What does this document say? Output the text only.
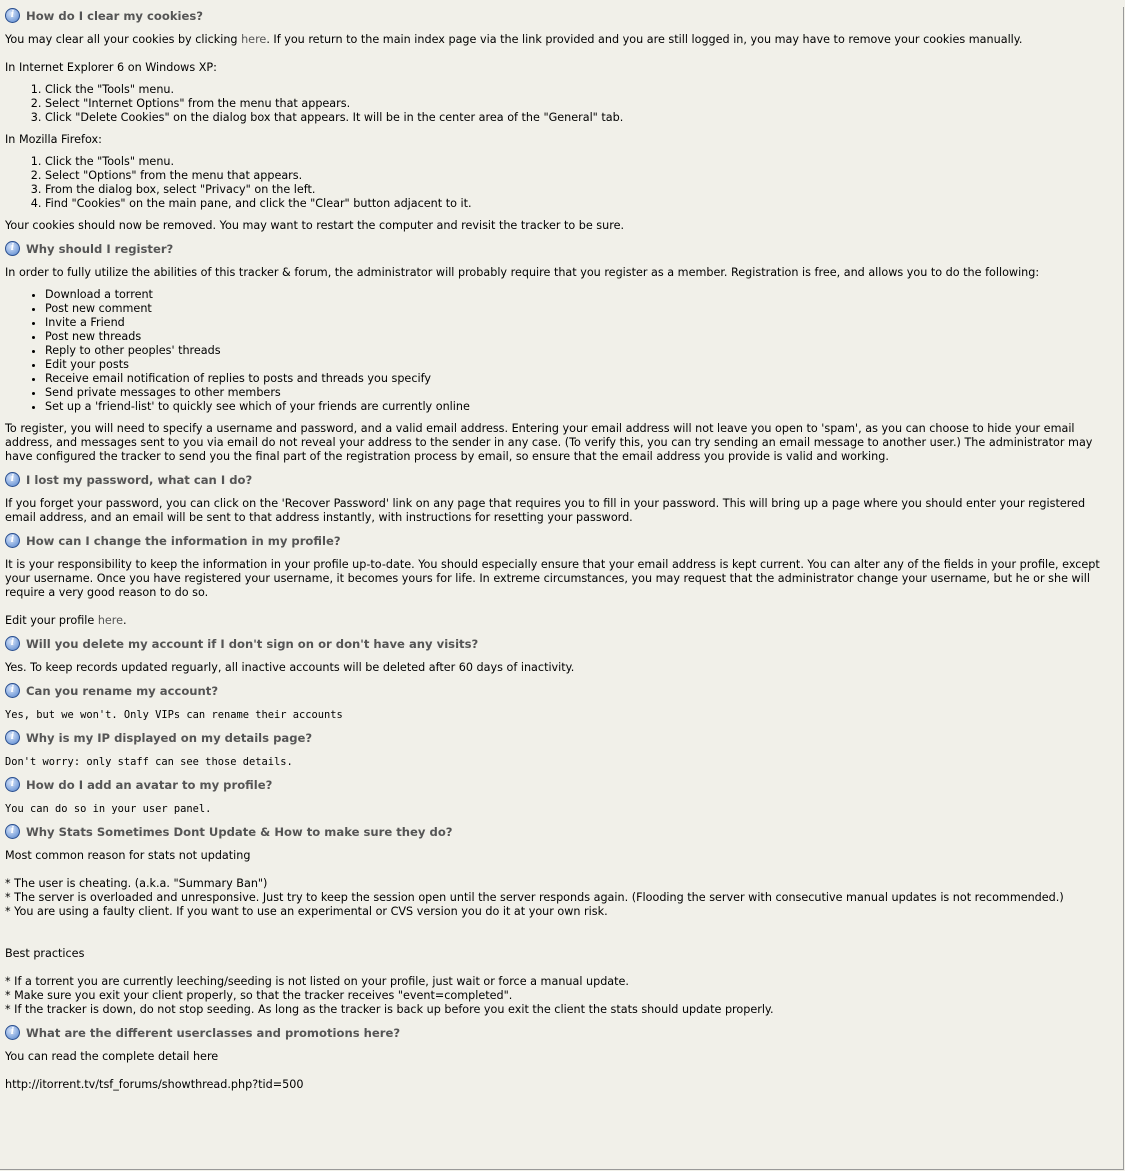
i	How do I clear my cookies?

You may clear all your cookies by clicking here. If you return to the main index page via the link provided and you are still logged in, you may have to remove your cookies manually.

In Internet Explorer 6 on Windows XP:

1. Click the "Tools" menu.
2. Select "Internet Options" from the menu that appears.
3. Click "Delete Cookies" on the dialog box that appears. It will be in the center area of the "General" tab.

In Mozilla Firefox:

1. Click the "Tools" menu.
2. Select "Options" from the menu that appears.
3. From the dialog box, select "Privacy" on the left.
4. Find "Cookies" on the main pane, and click the "Clear" button adjacent to it.

Your cookies should now be removed. You may want to restart the computer and revisit the tracker to be sure.

i	Why should I register?

In order to fully utilize the abilities of this tracker & forum, the administrator will probably require that you register as a member. Registration is free, and allows you to do the following:

• Download a torrent
• Post new comment
• Invite a Friend
• Post new threads
• Reply to other peoples' threads
• Edit your posts
• Receive email notification of replies to posts and threads you specify
• Send private messages to other members
• Set up a 'friend-list' to quickly see which of your friends are currently online

To register, you will need to specify a username and password, and a valid email address. Entering your email address will not leave you open to 'spam', as you can choose to hide your email address, and messages sent to you via email do not reveal your address to the sender in any case. (To verify this, you can try sending an email message to another user.) The administrator may have configured the tracker to send you the final part of the registration process by email, so ensure that the email address you provide is valid and working.

i	I lost my password, what can I do?

If you forget your password, you can click on the 'Recover Password' link on any page that requires you to fill in your password. This will bring up a page where you should enter your registered email address, and an email will be sent to that address instantly, with instructions for resetting your password.

i	How can I change the information in my profile?

It is your responsibility to keep the information in your profile up-to-date. You should especially ensure that your email address is kept current. You can alter any of the fields in your profile, except your username. Once you have registered your username, it becomes yours for life. In extreme circumstances, you may request that the administrator change your username, but he or she will require a very good reason to do so.

Edit your profile here.

i	Will you delete my account if I don't sign on or don't have any visits?

Yes. To keep records updated reguarly, all inactive accounts will be deleted after 60 days of inactivity.

i	Can you rename my account?

Yes, but we won't. Only VIPs can rename their accounts

i	Why is my IP displayed on my details page?

Don't worry: only staff can see those details.

i	How do I add an avatar to my profile?

You can do so in your user panel.

i	Why Stats Sometimes Dont Update & How to make sure they do?

Most common reason for stats not updating

* The user is cheating. (a.k.a. "Summary Ban")
* The server is overloaded and unresponsive. Just try to keep the session open until the server responds again. (Flooding the server with consecutive manual updates is not recommended.)
* You are using a faulty client. If you want to use an experimental or CVS version you do it at your own risk.

Best practices

* If a torrent you are currently leeching/seeding is not listed on your profile, just wait or force a manual update.
* Make sure you exit your client properly, so that the tracker receives "event=completed".
* If the tracker is down, do not stop seeding. As long as the tracker is back up before you exit the client the stats should update properly.
i	What are the different userclasses and promotions here?

You can read the complete detail here

http://itorrent.tv/tsf_forums/showthread.php?tid=500
